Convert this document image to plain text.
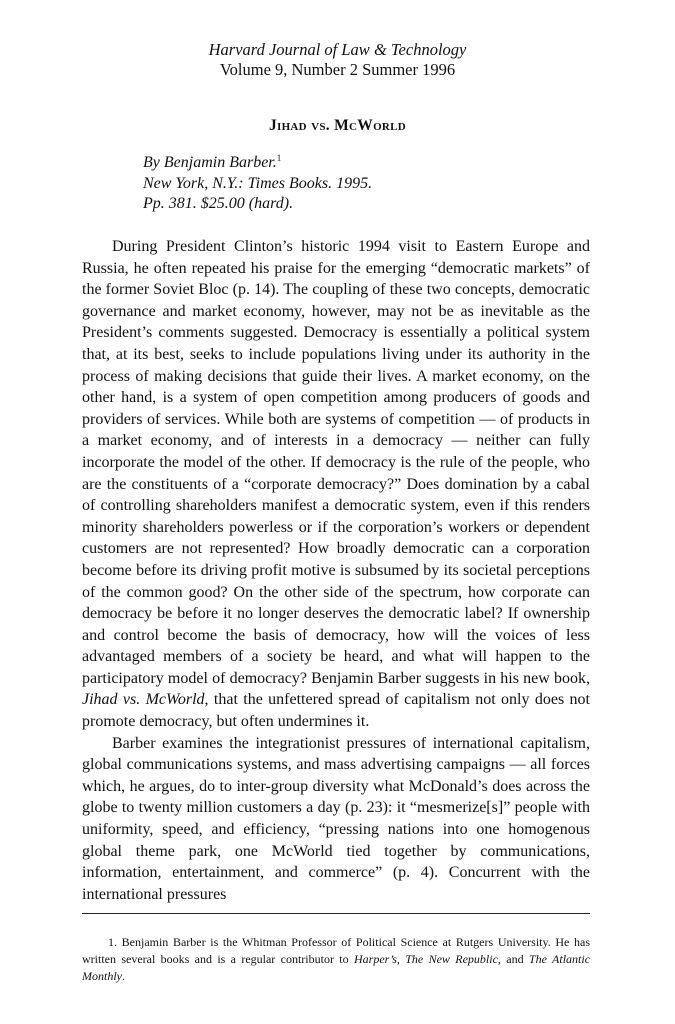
Harvard Journal of Law & Technology
Volume 9, Number 2 Summer 1996
Jihad vs. McWorld
By Benjamin Barber.$^1$
New York, N.Y.: Times Books. 1995.
Pp. 381. $25.00 (hard).

During President Clinton’s historic 1994 visit to Eastern Europe and Russia, he often repeated his praise for the emerging “democratic markets” of the former Soviet Bloc (p. 14). The coupling of these two concepts, democratic governance and market economy, however, may not be as inevitable as the President’s comments suggested. Democracy is essentially a political system that, at its best, seeks to include populations living under its authority in the process of making decisions that guide their lives. A market economy, on the other hand, is a system of open competition among producers of goods and providers of services. While both are systems of competition — of products in a market economy, and of interests in a democracy — neither can fully incorporate the model of the other. If democracy is the rule of the people, who are the constituents of a “corporate democracy?” Does domination by a cabal of controlling shareholders manifest a democratic system, even if this renders minority shareholders powerless or if the corporation’s workers or dependent customers are not represented? How broadly democratic can a corporation become before its driving profit motive is subsumed by its societal perceptions of the common good? On the other side of the spectrum, how corporate can democracy be before it no longer deserves the democratic label? If ownership and control become the basis of democracy, how will the voices of less advantaged members of a society be heard, and what will happen to the participatory model of democracy? Benjamin Barber suggests in his new book, Jihad vs. McWorld, that the unfettered spread of capitalism not only does not promote democracy, but often undermines it.

Barber examines the integrationist pressures of international capitalism, global communications systems, and mass advertising campaigns — all forces which, he argues, do to inter-group diversity what McDonald’s does across the globe to twenty million customers a day (p. 23): it “mesmerize[s]” people with uniformity, speed, and efficiency, “pressing nations into one homogenous global theme park, one McWorld tied together by communications, information, entertainment, and commerce” (p. 4). Concurrent with the international pressures

1. Benjamin Barber is the Whitman Professor of Political Science at Rutgers University. He has written several books and is a regular contributor to Harper’s, The New Republic, and The Atlantic Monthly.
